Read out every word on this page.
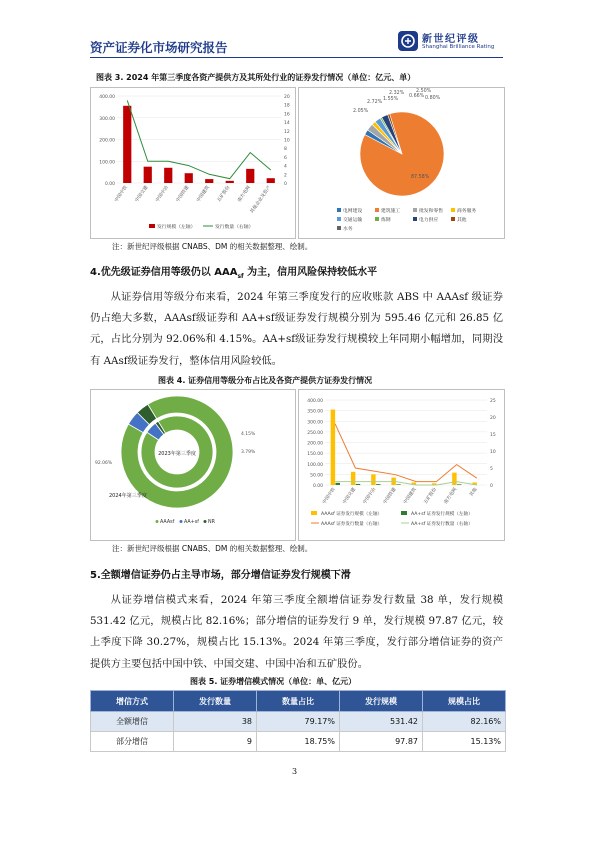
资产证券化市场研究报告
新世纪评级
Shanghai Brilliance Rating
图表 3. 2024 年第三季度各资产提供方及其所处行业的证券发行情况（单位：亿元、单）
0.00
100.00
200.00
300.00
400.00
0
2
4
6
8
10
12
14
16
18
20
中国中铁	中国交建	中国中冶	中国铁建	中国建筑	五矿股份	南方电网
其他企业及资产
发行规模（左轴）	发行数量（右轴）
87.58%
2.05%
2.72%
1.55%
2.32%
0.66%
2.50%
0.80%
电网建设	建筑施工	批发和零售	商务服务
交通运输	炼钢	电力供应	其他
水务
注：新世纪评级根据 CNABS、DM 的相关数据整理、绘制。
4.优先级证券信用等级仍以 $AAA_{sf}$ 为主，信用风险保持较低水平

从证券信用等级分布来看，2024 年第三季度发行的应收账款 ABS 中 AAAsf 级证券仍占绝大多数，AAAsf级证券和 AA+sf级证券发行规模分别为 595.46 亿元和 26.85 亿元，占比分别为 92.06%和 4.15%。AA+sf级证券发行规模较上年同期小幅增加，同期没有 AAsf级证券发行，整体信用风险较低。

图表 4. 证券信用等级分布占比及各资产提供方证券发行情况
2023年第三季度
2024年第三季度
92.06%
4.15%
3.79%
AAAsf AA+sf NR
0.00
50.00
100.00
150.00
200.00
250.00
300.00
350.00
400.00
0
5
10
15
20
25
中国中铁	中国交建	中国中冶	中国铁建	中国建筑	五矿股份	南方电网	其他
AAAsf 证券发行规模（左轴）	AA+sf 证券发行规模（左轴）
AAAsf 证券发行数量（右轴）	AA+sf 证券发行数量（右轴）
注：新世纪评级根据 CNABS、DM 的相关数据整理、绘制。
5.全额增信证券仍占主导市场，部分增信证券发行规模下滑

从证券增信模式来看，2024 年第三季度全额增信证券发行数量 38 单，发行规模 531.42 亿元，规模占比 82.16%；部分增信的证券发行 9 单，发行规模 97.87 亿元，较上季度下降 30.27%，规模占比 15.13%。2024 年第三季度，发行部分增信证券的资产提供方主要包括中国中铁、中国交建、中国中冶和五矿股份。

图表 5. 证券增信模式情况（单位：单、亿元）
增信方式	发行数量	数量占比	发行规模	规模占比
全额增信	38	79.17%	531.42	82.16%
部分增信	9	18.75%	97.87	15.13%
3
